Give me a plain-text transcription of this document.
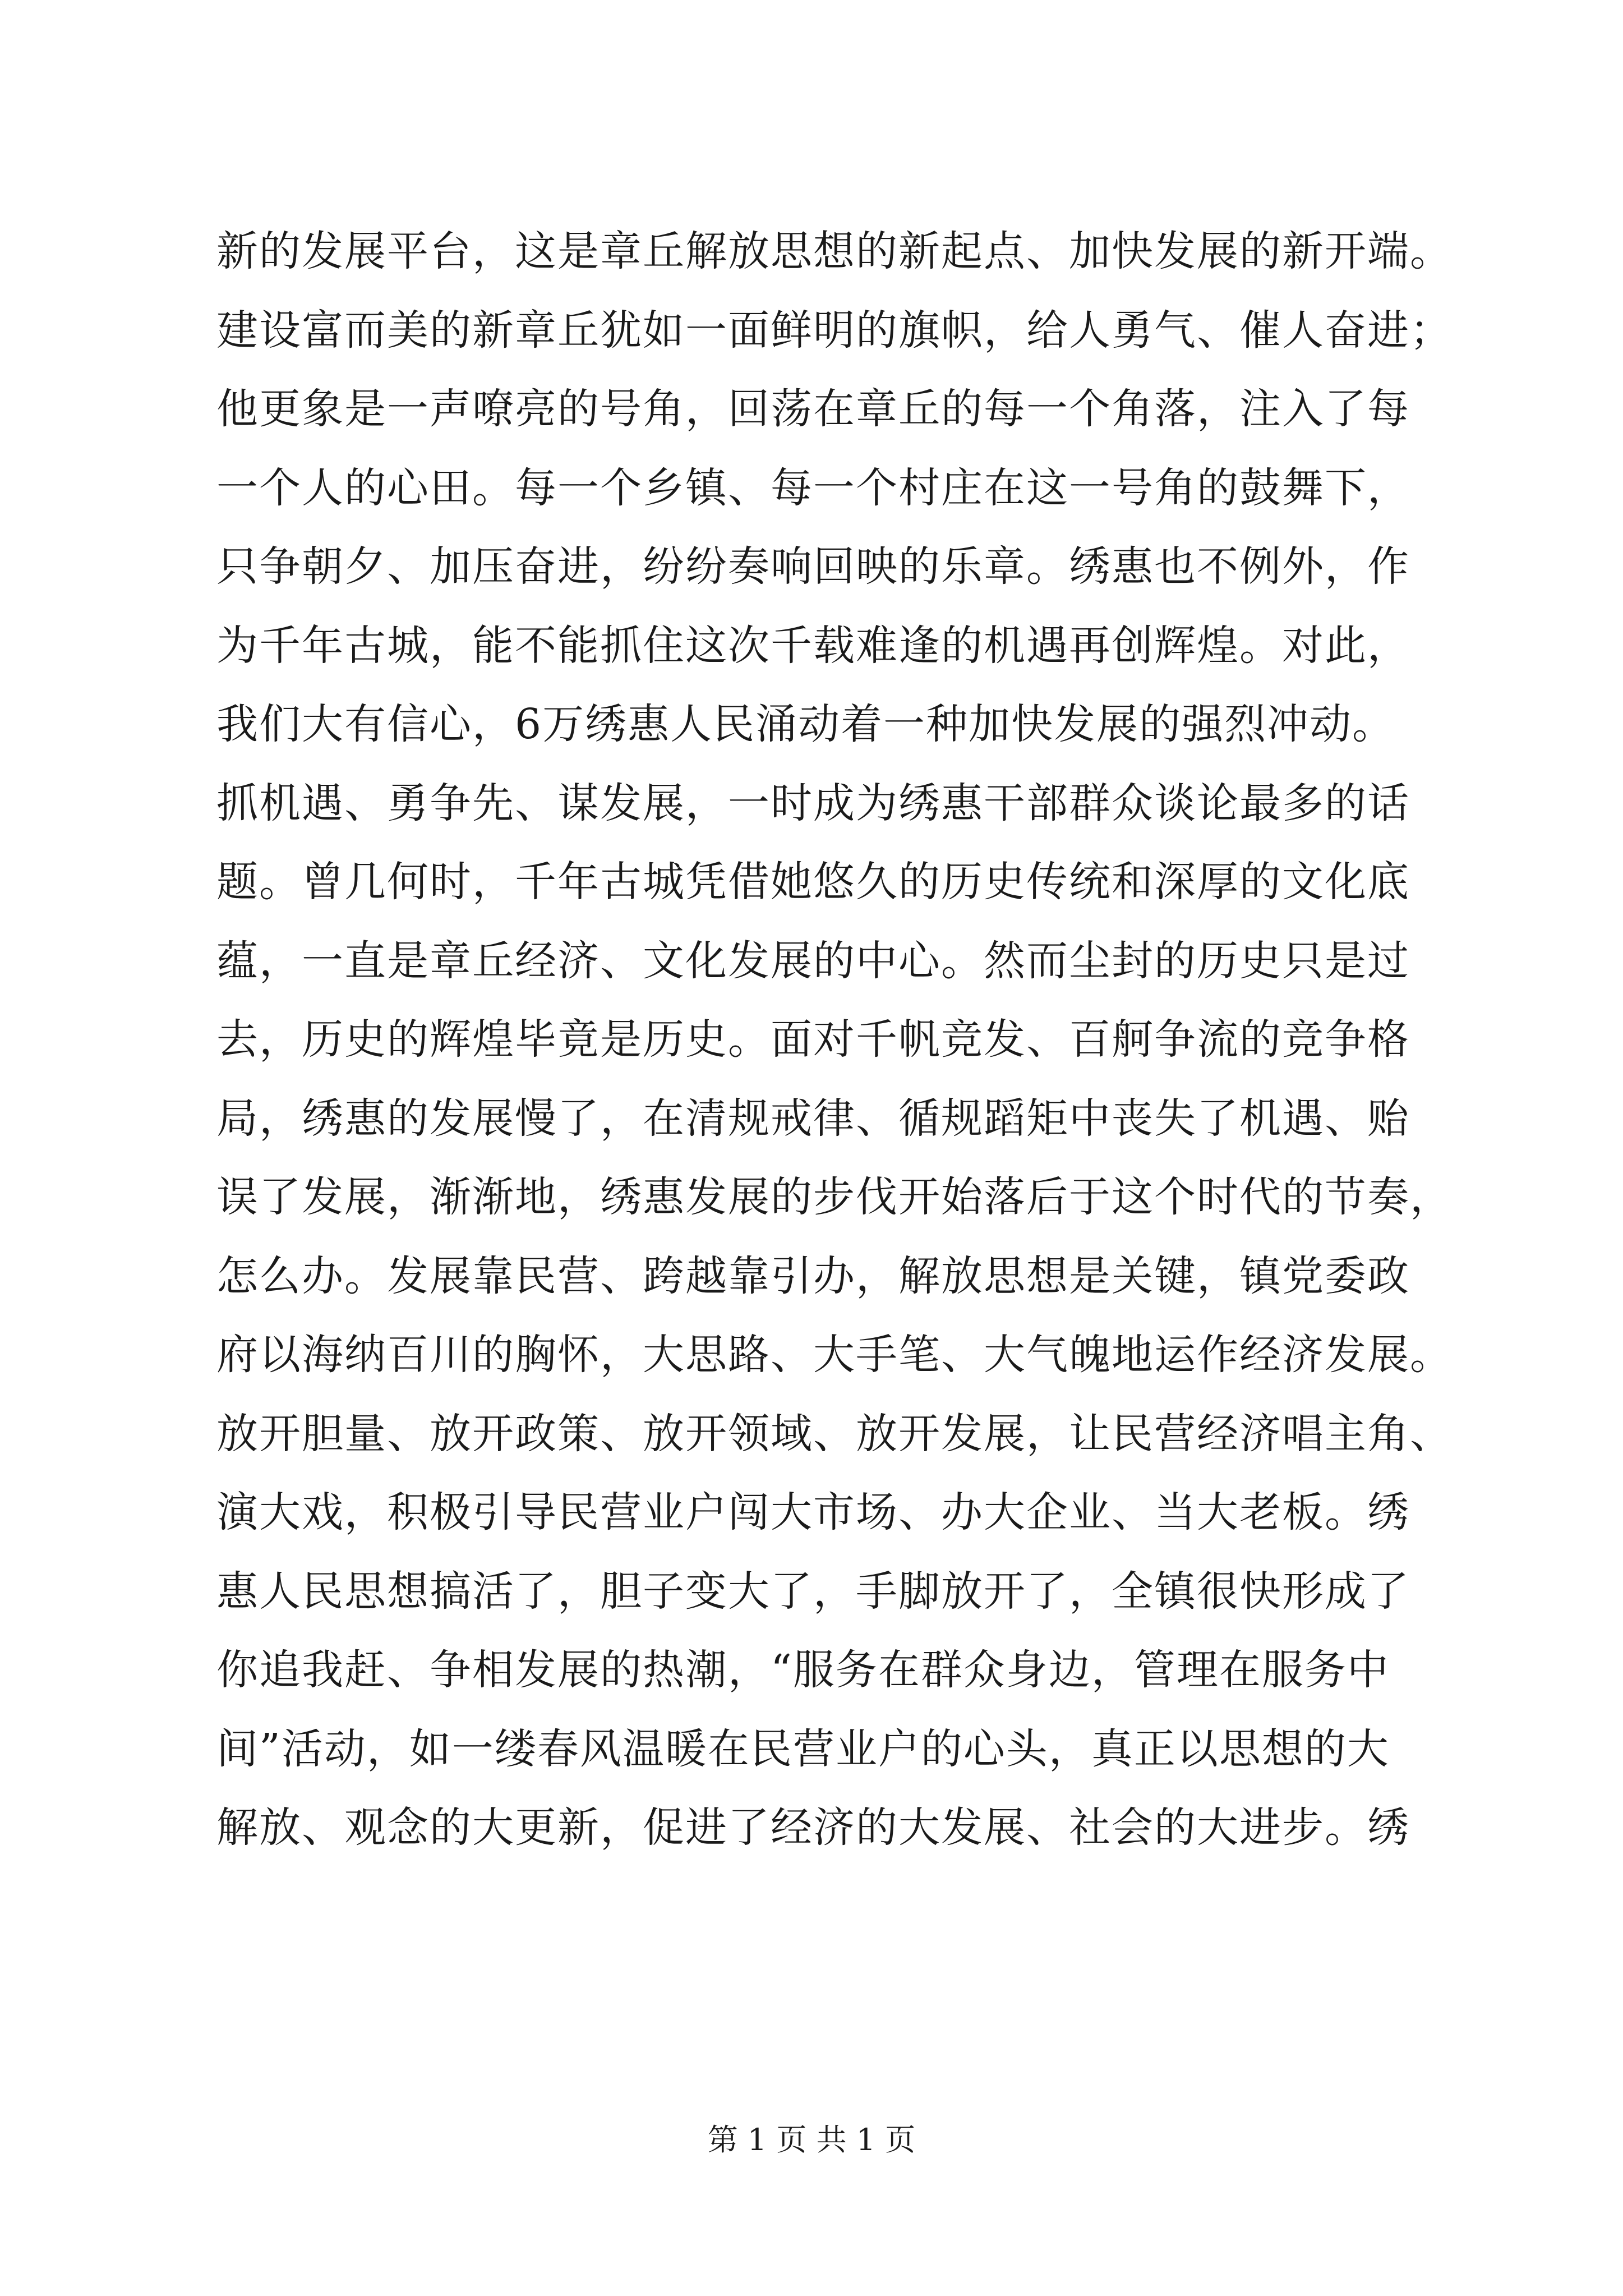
新的发展平台，这是章丘解放思想的新起点、加快发展的新开端。
建设富而美的新章丘犹如一面鲜明的旗帜，给人勇气、催人奋进；
他更象是一声嘹亮的号角，回荡在章丘的每一个角落，注入了每
一个人的心田。每一个乡镇、每一个村庄在这一号角的鼓舞下，
只争朝夕、加压奋进，纷纷奏响回映的乐章。绣惠也不例外，作
为千年古城，能不能抓住这次千载难逢的机遇再创辉煌。对此，
我们大有信心，6万绣惠人民涌动着一种加快发展的强烈冲动。
抓机遇、勇争先、谋发展，一时成为绣惠干部群众谈论最多的话
题。曾几何时，千年古城凭借她悠久的历史传统和深厚的文化底
蕴，一直是章丘经济、文化发展的中心。然而尘封的历史只是过
去，历史的辉煌毕竟是历史。面对千帆竞发、百舸争流的竞争格
局，绣惠的发展慢了，在清规戒律、循规蹈矩中丧失了机遇、贻
误了发展，渐渐地，绣惠发展的步伐开始落后于这个时代的节奏，
怎么办。发展靠民营、跨越靠引办，解放思想是关键，镇党委政
府以海纳百川的胸怀，大思路、大手笔、大气魄地运作经济发展。
放开胆量、放开政策、放开领域、放开发展，让民营经济唱主角、
演大戏，积极引导民营业户闯大市场、办大企业、当大老板。绣
惠人民思想搞活了，胆子变大了，手脚放开了，全镇很快形成了
你追我赶、争相发展的热潮，“服务在群众身边，管理在服务中
间”活动，如一缕春风温暖在民营业户的心头，真正以思想的大
解放、观念的大更新，促进了经济的大发展、社会的大进步。绣
第 1 页 共 1 页
